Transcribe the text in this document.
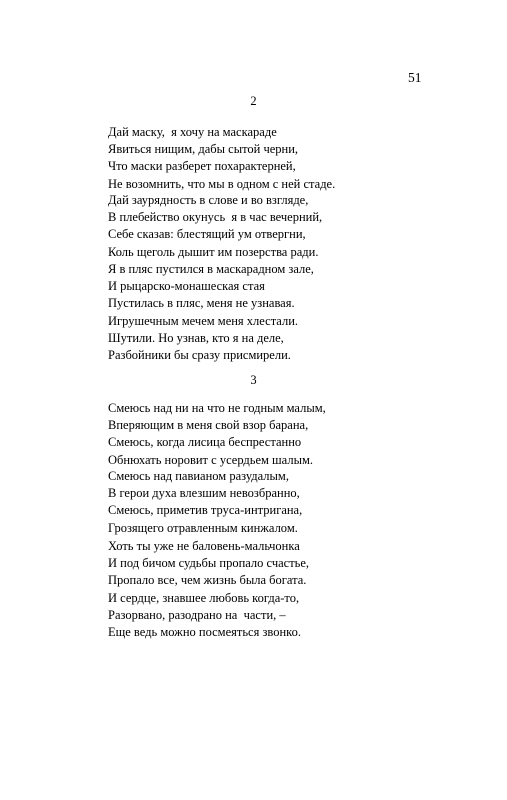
51
2
Дай маску,  я хочу на маскараде
Явиться нищим, дабы сытой черни,
Что маски разберет похарактерней,
Не возомнить, что мы в одном с ней стаде.
Дай заурядность в слове и во взгляде,
В плебейство окунусь  я в час вечерний,
Себе сказав: блестящий ум отвергни,
Коль щеголь дышит им позерства ради.
Я в пляс пустился в маскарадном зале,
И рыцарско-монашеская стая
Пустилась в пляс, меня не узнавая.
Игрушечным мечем меня хлестали.
Шутили. Но узнав, кто я на деле,
Разбойники бы сразу присмирели.
3
Смеюсь над ни на что не годным малым,
Вперяющим в меня свой взор барана,
Смеюсь, когда лисица беспрестанно
Обнюхать норовит с усердьем шалым.
Смеюсь над павианом разудалым,
В герои духа влезшим невозбранно,
Смеюсь, приметив труса-интригана,
Грозящего отравленным кинжалом.
Хоть ты уже не баловень-мальчонка
И под бичом судьбы пропало счастье,
Пропало все, чем жизнь была богата.
И сердце, знавшее любовь когда-то,
Разорвано, разодрано на  части, –
Еще ведь можно посмеяться звонко.
